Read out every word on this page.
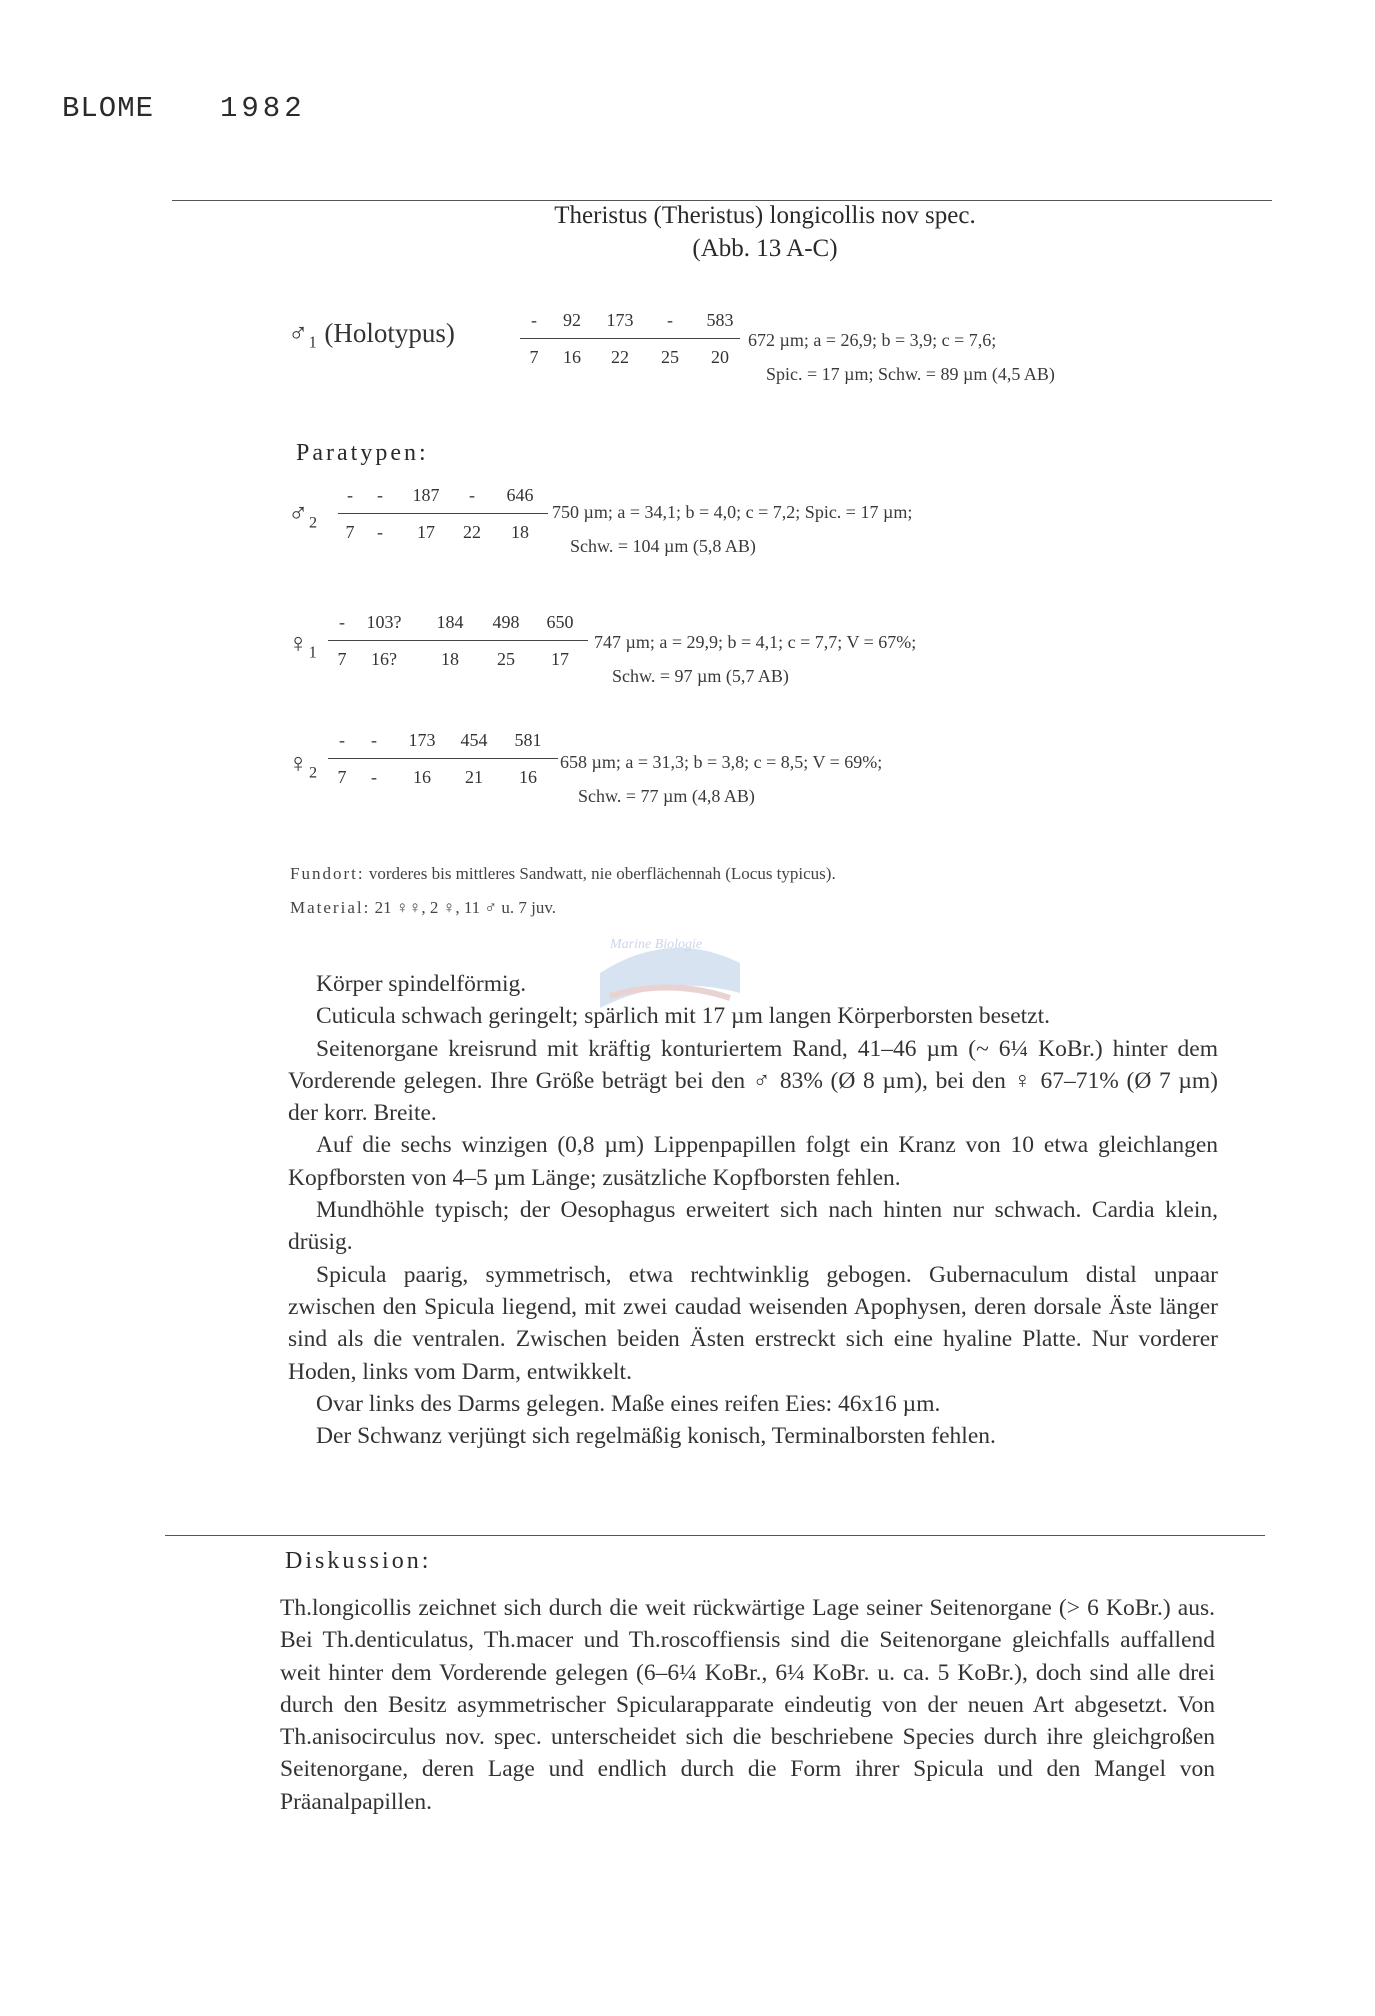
BLOME 1982
Theristus (Theristus) longicollis nov spec.
(Abb. 13 A-C)
♂₁ (Holotypus)	-	92	173	-	583
7	16	22	25	20
672 µm; a = 26,9; b = 3,9; c = 7,6;
Spic. = 17 µm; Schw. = 89 µm (4,5 AB)
Paratypen:
♂₂
-	-	187	-	646
7	-	17	22	18
750 µm; a = 34,1; b = 4,0; c = 7,2; Spic. = 17 µm;
Schw. = 104 µm (5,8 AB)
♀₁
-	103?	184	498	650
7	16?	18	25	17
747 µm; a = 29,9; b = 4,1; c = 7,7; V = 67%;
Schw. = 97 µm (5,7 AB)
♀₂
-	-	173	454	581
7	-	16	21	16
658 µm; a = 31,3; b = 3,8; c = 8,5; V = 69%;
Schw. = 77 µm (4,8 AB)
Fundort: vorderes bis mittleres Sandwatt, nie oberflächennah (Locus typicus).
Material: 21 ♀♀, 2 ♀, 11 ♂ u. 7 juv.
Marine Biologie

Körper spindelförmig.

Cuticula schwach geringelt; spärlich mit 17 µm langen Körperborsten besetzt.

Seitenorgane kreisrund mit kräftig konturiertem Rand, 41–46 µm (~ 6¼ KoBr.) hinter dem Vorderende gelegen. Ihre Größe beträgt bei den ♂ 83% (Ø 8 µm), bei den ♀ 67–71% (Ø 7 µm) der korr. Breite.

Auf die sechs winzigen (0,8 µm) Lippenpapillen folgt ein Kranz von 10 etwa gleichlangen Kopfborsten von 4–5 µm Länge; zusätzliche Kopfborsten fehlen.

Mundhöhle typisch; der Oesophagus erweitert sich nach hinten nur schwach. Cardia klein, drüsig.

Spicula paarig, symmetrisch, etwa rechtwinklig gebogen. Gubernaculum distal unpaar zwischen den Spicula liegend, mit zwei caudad weisenden Apophysen, deren dorsale Äste länger sind als die ventralen. Zwischen beiden Ästen erstreckt sich eine hyaline Platte. Nur vorderer Hoden, links vom Darm, entwikkelt.

Ovar links des Darms gelegen. Maße eines reifen Eies: 46x16 µm.

Der Schwanz verjüngt sich regelmäßig konisch, Terminalborsten fehlen.

Diskussion:

Th.longicollis zeichnet sich durch die weit rückwärtige Lage seiner Seitenorgane (> 6 KoBr.) aus. Bei Th.denticulatus, Th.macer und Th.roscoffiensis sind die Seitenorgane gleichfalls auffallend weit hinter dem Vorderende gelegen (6–6¼ KoBr., 6¼ KoBr. u. ca. 5 KoBr.), doch sind alle drei durch den Besitz asymmetrischer Spicularapparate eindeutig von der neuen Art abgesetzt. Von Th.anisocirculus nov. spec. unterscheidet sich die beschriebene Species durch ihre gleichgroßen Seitenorgane, deren Lage und endlich durch die Form ihrer Spicula und den Mangel von Präanalpapillen.
